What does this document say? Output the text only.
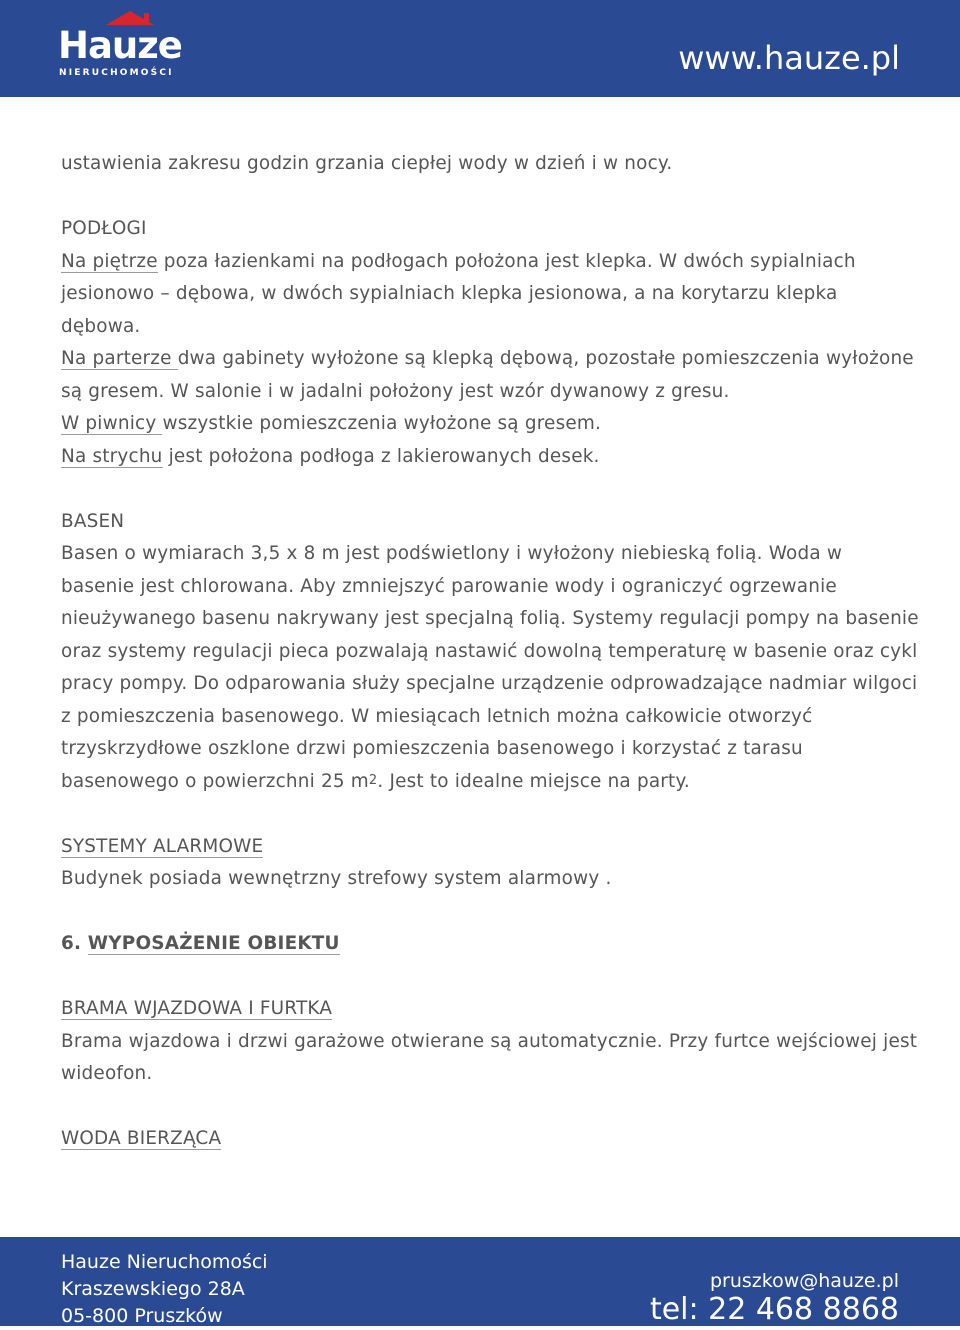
Hauze
NIERUCHOMOŚCI	www.hauze.pl

ustawienia zakresu godzin grzania ciepłej wody w dzień i w nocy.

PODŁOGI

Na piętrze poza łazienkami na podłogach położona jest klepka. W dwóch sypialniach jesionowo – dębowa, w dwóch sypialniach klepka jesionowa, a na korytarzu klepka dębowa.

Na parterze dwa gabinety wyłożone są klepką dębową, pozostałe pomieszczenia wyłożone są gresem. W salonie i w jadalni położony jest wzór dywanowy z gresu.

W piwnicy wszystkie pomieszczenia wyłożone są gresem.

Na strychu jest położona podłoga z lakierowanych desek.

BASEN

Basen o wymiarach 3,5 x 8 m jest podświetlony i wyłożony niebieską folią. Woda w basenie jest chlorowana. Aby zmniejszyć parowanie wody i ograniczyć ogrzewanie nieużywanego basenu nakrywany jest specjalną folią. Systemy regulacji pompy na basenie oraz systemy regulacji pieca pozwalają nastawić dowolną temperaturę w basenie oraz cykl pracy pompy. Do odparowania służy specjalne urządzenie odprowadzające nadmiar wilgoci

z pomieszczenia basenowego. W miesiącach letnich można całkowicie otworzyć trzyskrzydłowe oszklone drzwi pomieszczenia basenowego i korzystać z tarasu basenowego o powierzchni 25 $m^2$. Jest to idealne miejsce na party.

SYSTEMY ALARMOWE

Budynek posiada wewnętrzny strefowy system alarmowy .

6. WYPOSAŻENIE OBIEKTU

BRAMA WJAZDOWA I FURTKA

Brama wjazdowa i drzwi garażowe otwierane są automatycznie. Przy furtce wejściowej jest wideofon.

WODA BIERZĄCA

Hauze Nieruchomości
Kraszewskiego 28A
05-800 Pruszków
pruszkow@hauze.pl
tel: 22 468 8868
